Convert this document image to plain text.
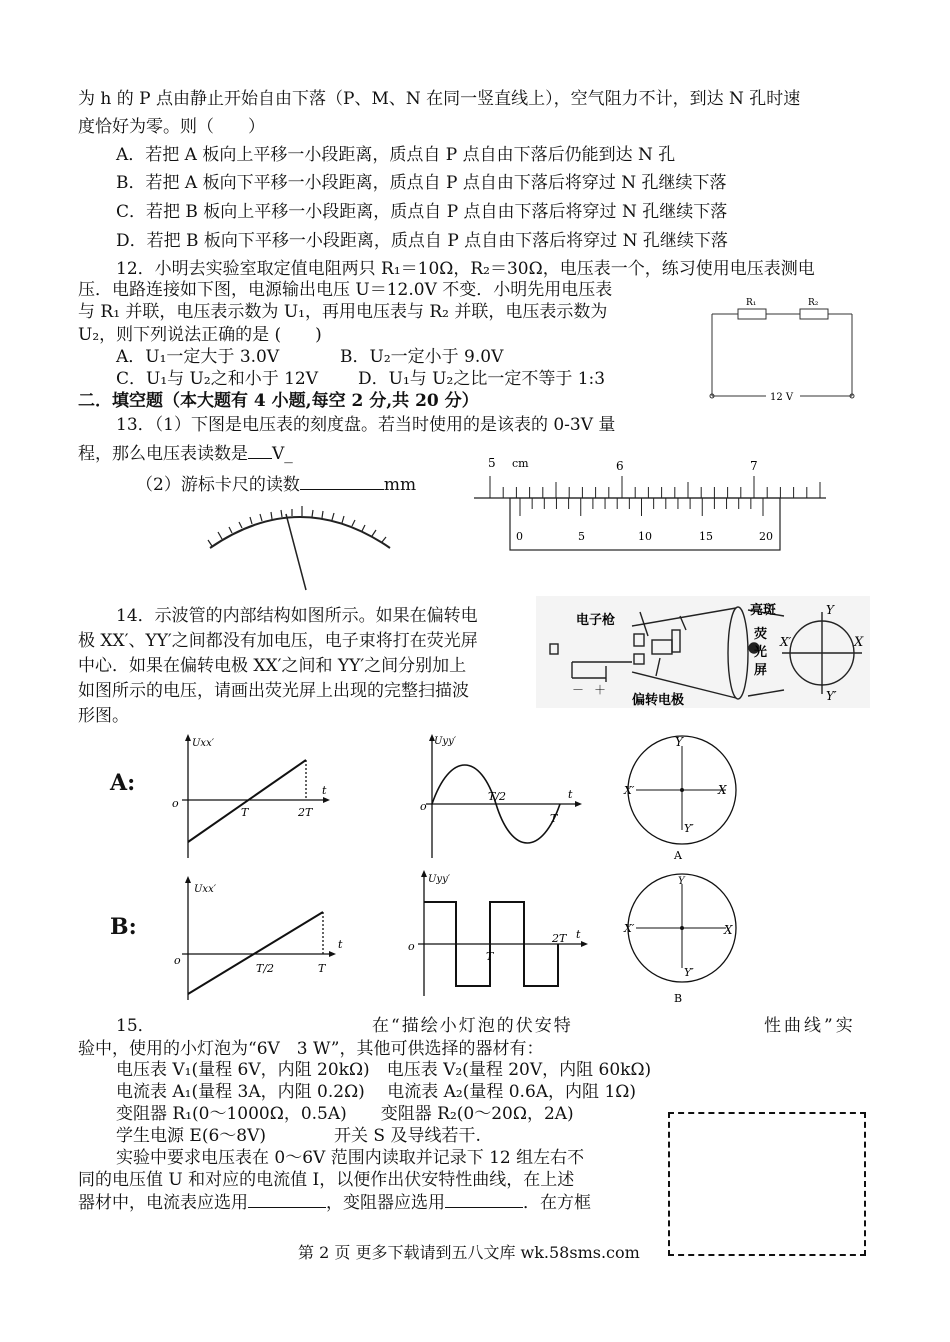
为 h 的 P 点由静止开始自由下落（P、M、N 在同一竖直线上），空气阻力不计，到达 N 孔时速
度恰好为零。则（　　）
A．若把 A 板向上平移一小段距离，质点自 P 点自由下落后仍能到达 N 孔
B．若把 A 板向下平移一小段距离，质点自 P 点自由下落后将穿过 N 孔继续下落
C．若把 B 板向上平移一小段距离，质点自 P 点自由下落后将穿过 N 孔继续下落
D．若把 B 板向下平移一小段距离，质点自 P 点自由下落后将穿过 N 孔继续下落
12．小明去实验室取定值电阻两只 R₁＝10Ω，R₂＝30Ω，电压表一个，练习使用电压表测电
压．电路连接如下图，电源输出电压 U＝12.0V 不变．小明先用电压表
与 R₁ 并联，电压表示数为 U₁，再用电压表与 R₂ 并联，电压表示数为
U₂，则下列说法正确的是 (　　)
A．U₁一定大于 3.0V	B．U₂一定小于 9.0V
C．U₁与 U₂之和小于 12V D．U₁与 U₂之比一定不等于 1:3
R₁	R₂
12 V
二．填空题（本大题有 4 小题,每空 2 分,共 20 分）
13．（1）下图是电压表的刻度盘。若当时使用的是该表的 0-3V 量
程，那么电压表读数是 V_
（2）游标卡尺的读数	mm
5 cm	6	7
0	5	10	15	20
14．示波管的内部结构如图所示。如果在偏转电
极 XX′、YY′之间都没有加电压，电子束将打在荧光屏
中心．如果在偏转电极 XX′之间和 YY′之间分别加上
如图所示的电压，请画出荧光屏上出现的完整扫描波
形图。
电子枪
亮斑
荧
光
屏
偏转电极
－ ＋
Y
X
X′
Y′
A:
Uxx′
o
t
T	2T
Uyy′
o
t
T/2
T
Y
X
X′
Y′
A
B:
Uxx′
o
t
T/2	T
Uyy′
o
t
T
2T
Y
X
X′
Y′
B
15．	在“描绘小灯泡的伏安特	性曲线”实
验中，使用的小灯泡为“6V　3 W”，其他可供选择的器材有：
电压表 V₁(量程 6V，内阻 20kΩ)　电压表 V₂(量程 20V，内阻 60kΩ)
电流表 A₁(量程 3A，内阻 0.2Ω)　 电流表 A₂(量程 0.6A，内阻 1Ω)
变阻器 R₁(0～1000Ω，0.5A)　　变阻器 R₂(0～20Ω，2A)
学生电源 E(6～8V)　　　　开关 S 及导线若干.
实验中要求电压表在 0～6V 范围内读取并记录下 12 组左右不
同的电压值 U 和对应的电流值 I，以便作出伏安特性曲线，在上述
器材中，电流表应选用	，变阻器应选用	．在方框
第 2 页 更多下载请到五八文库 wk.58sms.com
